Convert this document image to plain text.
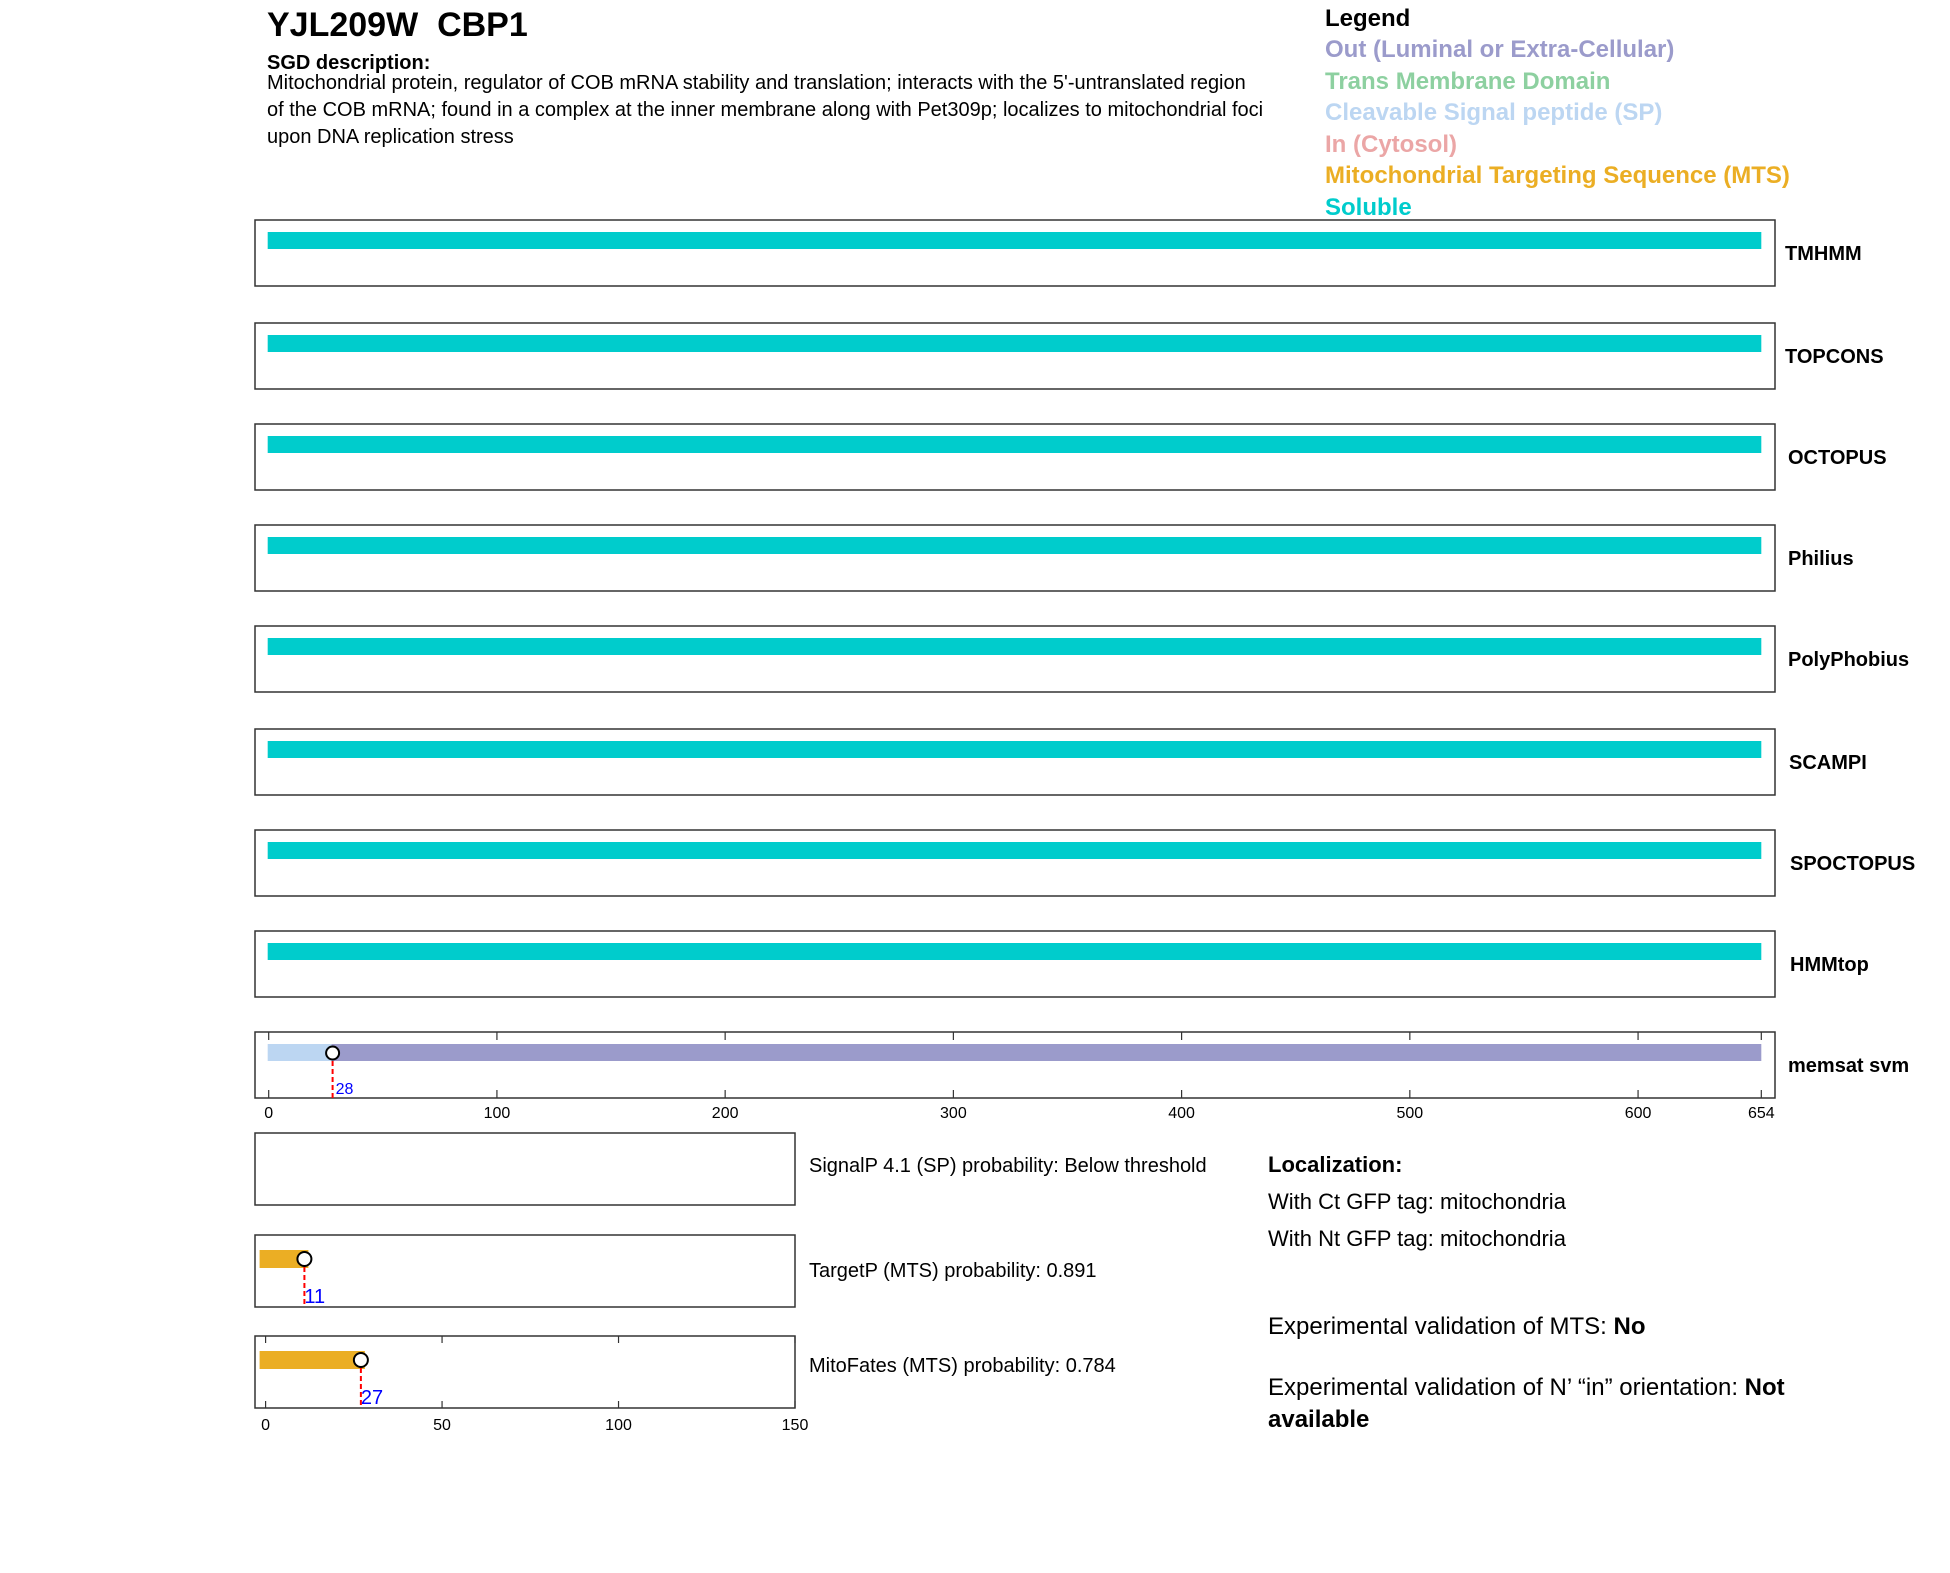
YJL209W  CBP1
SGD description:
Mitochondrial protein, regulator of COB mRNA stability and translation; interacts with the 5'-untranslated region of the COB mRNA; found in a complex at the inner membrane along with Pet309p; localizes to mitochondrial foci upon DNA replication stress
Legend
Out (Luminal or Extra-Cellular)
Trans Membrane Domain
Cleavable Signal peptide (SP)
In (Cytosol)
Mitochondrial Targeting Sequence (MTS)
Soluble
TMHMM
TOPCONS
OCTOPUS
Philius
PolyPhobius
SCAMPI
SPOCTOPUS
HMMtop
28
memsat svm
0	100	200	300	400	500	600	654
11
27
0	50	100	150
SignalP 4.1 (SP) probability: Below threshold
TargetP (MTS) probability: 0.891
MitoFates (MTS) probability: 0.784
Localization:
With Ct GFP tag: mitochondria
With Nt GFP tag: mitochondria
Experimental validation of MTS: No
Experimental validation of N’ “in” orientation: Not available
